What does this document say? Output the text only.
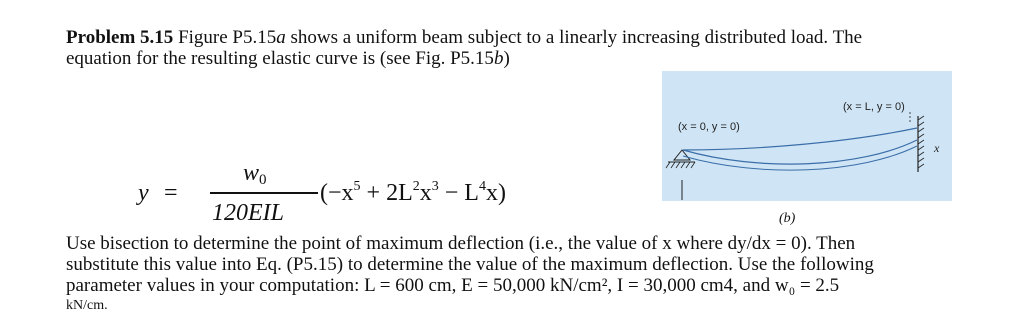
Problem 5.15 Figure P5.15a shows a uniform beam subject to a linearly increasing distributed load. The
equation for the resulting elastic curve is (see Fig. P5.15b)
y =
w0
120EIL
$(-x^5 + 2L^2x^3 - L^4x)$
(x = 0, y = 0)
(x = L, y = 0)
x
(b)
Use bisection to determine the point of maximum deflection (i.e., the value of x where dy/dx = 0). Then
substitute this value into Eq. (P5.15) to determine the value of the maximum deflection. Use the following
parameter values in your computation: L = 600 cm, E = 50,000 kN/cm², I = 30,000 cm4, and w₀ = 2.5
kN/cm.
